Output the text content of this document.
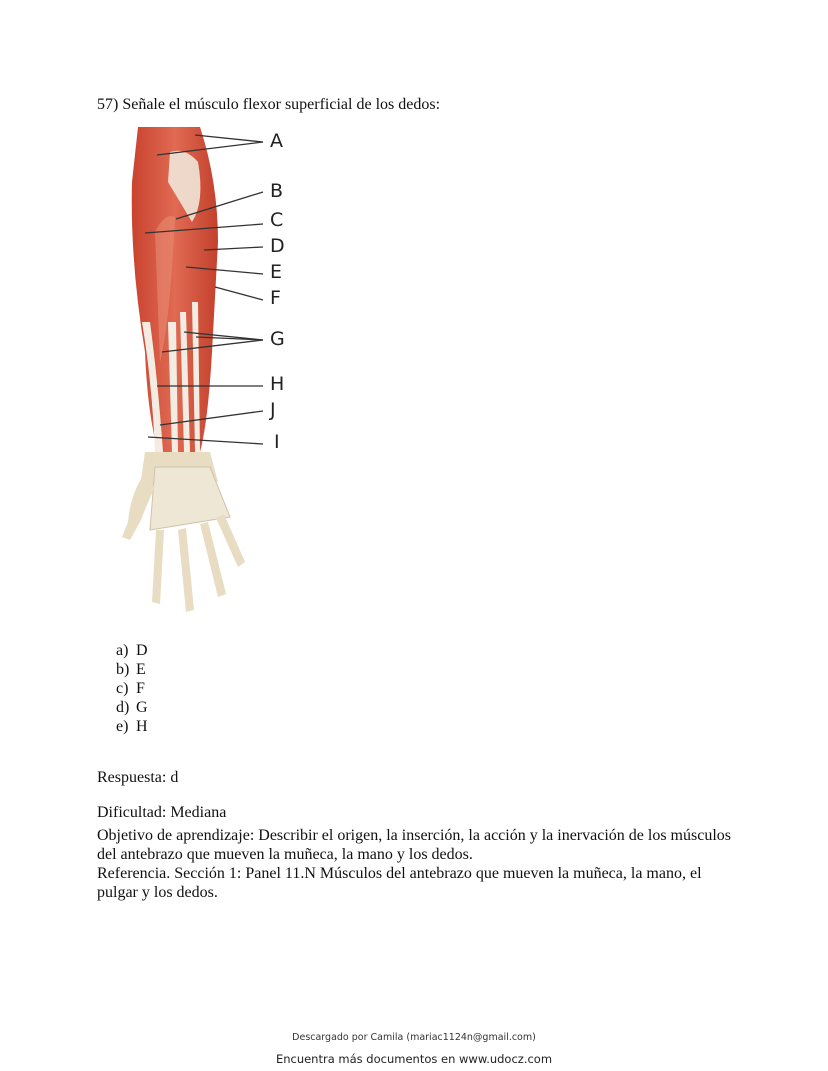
57) Señale el músculo flexor superficial de los dedos:
A
B
C
D
E
F
G
H
J
I
a) D
b) E
c) F
d) G
e) H
Respuesta: d
Dificultad: Mediana
Objetivo de aprendizaje: Describir el origen, la inserción, la acción y la inervación de los músculos del antebrazo que mueven la muñeca, la mano y los dedos.
Referencia. Sección 1: Panel 11.N Músculos del antebrazo que mueven la muñeca, la mano, el pulgar y los dedos.
Descargado por Camila (mariac1124n@gmail.com)
Encuentra más documentos en www.udocz.com
